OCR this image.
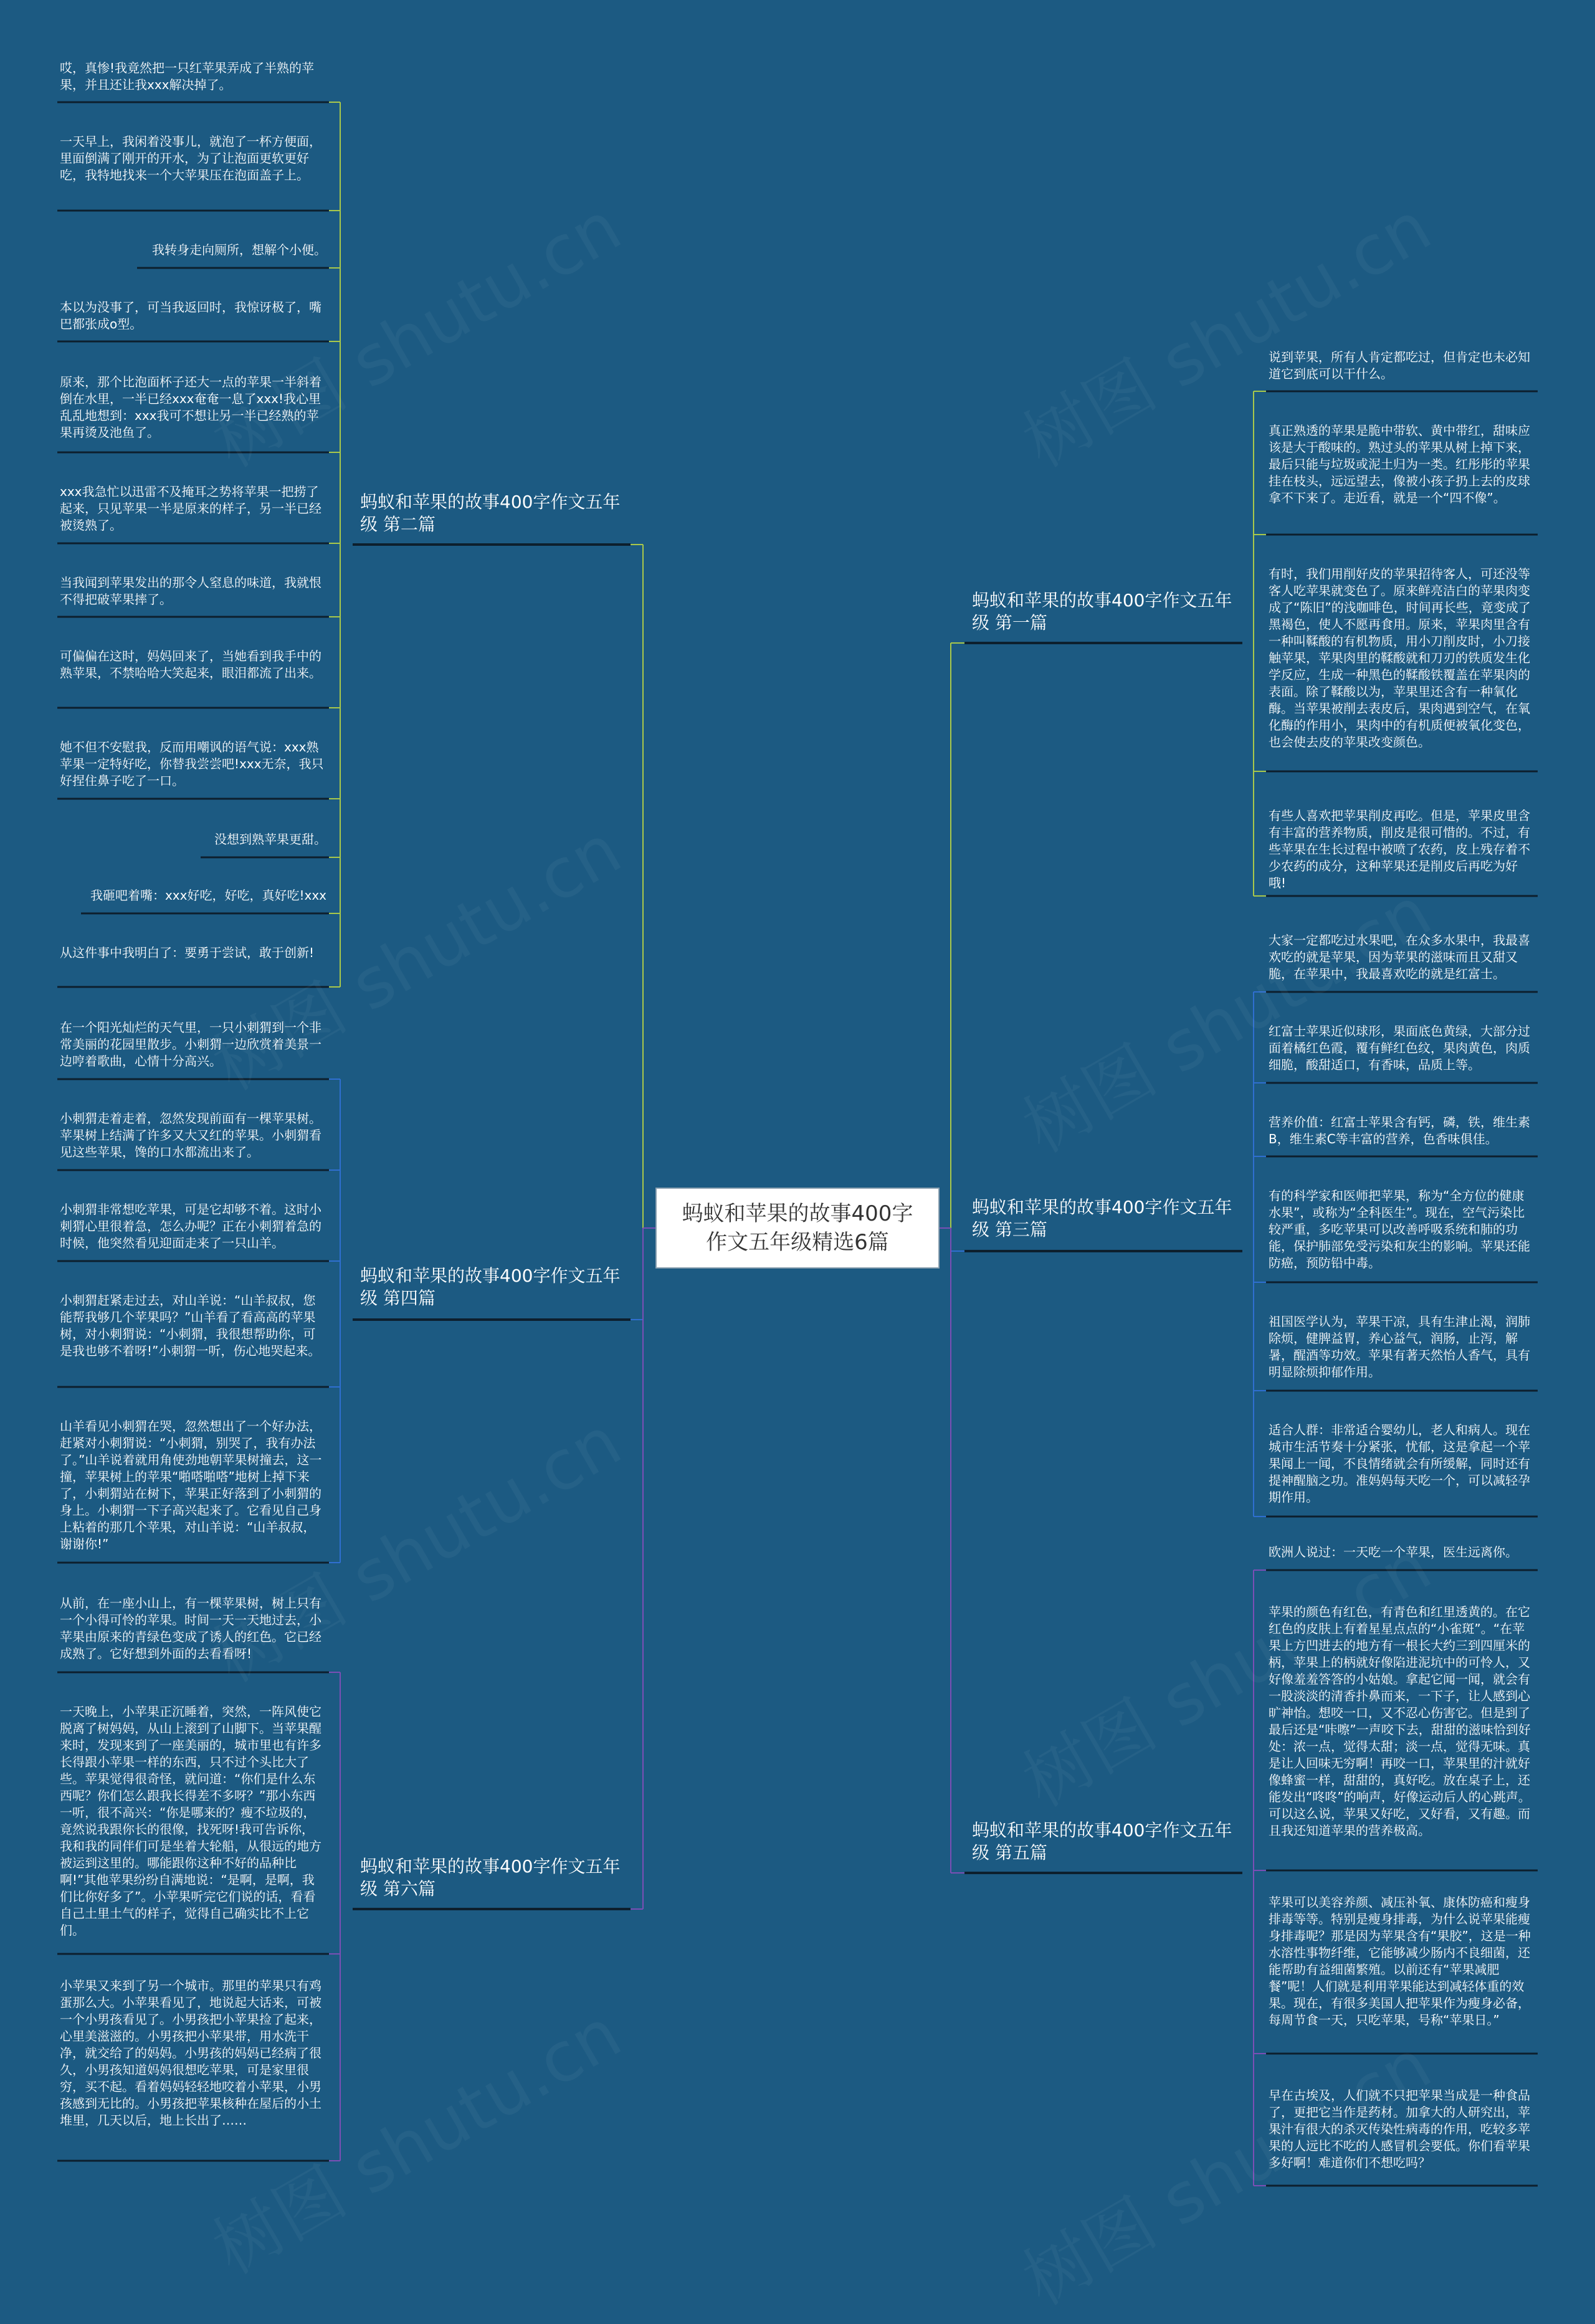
蚂蚁和苹果的故事400字作文五年级精选6篇
蚂蚁和苹果的故事400字作文五年级 第二篇
哎，真惨!我竟然把一只红苹果弄成了半熟的苹果，并且还让我xxx解决掉了。
一天早上，我闲着没事儿，就泡了一杯方便面，里面倒满了刚开的开水，为了让泡面更软更好吃，我特地找来一个大苹果压在泡面盖子上。
我转身走向厕所，想解个小便。
本以为没事了，可当我返回时，我惊讶极了，嘴巴都张成o型。
原来，那个比泡面杯子还大一点的苹果一半斜着倒在水里，一半已经xxx奄奄一息了xxx!我心里乱乱地想到：xxx我可不想让另一半已经熟的苹果再烫及池鱼了。
xxx我急忙以迅雷不及掩耳之势将苹果一把捞了起来，只见苹果一半是原来的样子，另一半已经被烫熟了。
当我闻到苹果发出的那令人窒息的味道，我就恨不得把破苹果摔了。
可偏偏在这时，妈妈回来了，当她看到我手中的熟苹果，不禁哈哈大笑起来，眼泪都流了出来。
她不但不安慰我，反而用嘲讽的语气说：xxx熟苹果一定特好吃，你替我尝尝吧!xxx无奈，我只好捏住鼻子吃了一口。
没想到熟苹果更甜。
我砸吧着嘴：xxx好吃，好吃，真好吃!xxx
从这件事中我明白了：要勇于尝试，敢于创新!
蚂蚁和苹果的故事400字作文五年级 第四篇
在一个阳光灿烂的天气里，一只小刺猬到一个非常美丽的花园里散步。小刺猬一边欣赏着美景一边哼着歌曲，心情十分高兴。
小刺猬走着走着，忽然发现前面有一棵苹果树。苹果树上结满了许多又大又红的苹果。小刺猬看见这些苹果，馋的口水都流出来了。
小刺猬非常想吃苹果，可是它却够不着。这时小刺猬心里很着急，怎么办呢？正在小刺猬着急的时候，他突然看见迎面走来了一只山羊。
小刺猬赶紧走过去，对山羊说：“山羊叔叔，您能帮我够几个苹果吗？”山羊看了看高高的苹果树，对小刺猬说：“小刺猬，我很想帮助你，可是我也够不着呀!”小刺猬一听，伤心地哭起来。
山羊看见小刺猬在哭，忽然想出了一个好办法，赶紧对小刺猬说：“小刺猬，别哭了，我有办法了。”山羊说着就用角使劲地朝苹果树撞去，这一撞，苹果树上的苹果“啪嗒啪嗒”地树上掉下来了，小刺猬站在树下，苹果正好落到了小刺猬的身上。小刺猬一下子高兴起来了。它看见自己身上粘着的那几个苹果，对山羊说：“山羊叔叔，谢谢你!”
蚂蚁和苹果的故事400字作文五年级 第六篇
从前，在一座小山上，有一棵苹果树，树上只有一个小得可怜的苹果。时间一天一天地过去，小苹果由原来的青绿色变成了诱人的红色。它已经成熟了。它好想到外面的去看看呀!
一天晚上，小苹果正沉睡着，突然，一阵风使它脱离了树妈妈，从山上滚到了山脚下。当苹果醒来时，发现来到了一座美丽的，城市里也有许多长得跟小苹果一样的东西，只不过个头比大了些。苹果觉得很奇怪，就问道：“你们是什么东西呢？你们怎么跟我长得差不多呀？”那小东西一听，很不高兴：“你是哪来的？瘦不垃圾的，竟然说我跟你长的很像，找死呀!我可告诉你，我和我的同伴们可是坐着大轮船，从很远的地方被运到这里的。哪能跟你这种不好的品种比啊!”其他苹果纷纷自满地说：“是啊，是啊，我们比你好多了”。小苹果听完它们说的话，看看自己土里土气的样子，觉得自己确实比不上它们。
小苹果又来到了另一个城市。那里的苹果只有鸡蛋那么大。小苹果看见了，地说起大话来，可被一个小男孩看见了。小男孩把小苹果捡了起来，心里美滋滋的。小男孩把小苹果带，用水洗干净，就交给了的妈妈。小男孩的妈妈已经病了很久，小男孩知道妈妈很想吃苹果，可是家里很穷，买不起。看着妈妈轻轻地咬着小苹果，小男孩感到无比的。小男孩把苹果核种在屋后的小土堆里，几天以后，地上长出了……
蚂蚁和苹果的故事400字作文五年级 第一篇
说到苹果，所有人肯定都吃过，但肯定也未必知道它到底可以干什么。
真正熟透的苹果是脆中带软、黄中带红，甜味应该是大于酸味的。熟过头的苹果从树上掉下来，最后只能与垃圾或泥土归为一类。红彤彤的苹果挂在枝头，远远望去，像被小孩子扔上去的皮球拿不下来了。走近看，就是一个“四不像”。
有时，我们用削好皮的苹果招待客人，可还没等客人吃苹果就变色了。原来鲜亮洁白的苹果肉变成了“陈旧”的浅咖啡色，时间再长些，竟变成了黑褐色，使人不愿再食用。原来，苹果肉里含有一种叫鞣酸的有机物质，用小刀削皮时，小刀接触苹果，苹果肉里的鞣酸就和刀刃的铁质发生化学反应，生成一种黑色的鞣酸铁覆盖在苹果肉的表面。除了鞣酸以为，苹果里还含有一种氧化酶。当苹果被削去表皮后，果肉遇到空气，在氧化酶的作用小，果肉中的有机质便被氧化变色，也会使去皮的苹果改变颜色。
有些人喜欢把苹果削皮再吃。但是，苹果皮里含有丰富的营养物质，削皮是很可惜的。不过，有些苹果在生长过程中被喷了农药，皮上残存着不少农药的成分，这种苹果还是削皮后再吃为好哦!
蚂蚁和苹果的故事400字作文五年级 第三篇
大家一定都吃过水果吧，在众多水果中，我最喜欢吃的就是苹果，因为苹果的滋味而且又甜又脆，在苹果中，我最喜欢吃的就是红富士。
红富士苹果近似球形，果面底色黄绿，大部分过面着橘红色霞，覆有鲜红色纹，果肉黄色，肉质细脆，酸甜适口，有香味，品质上等。
营养价值：红富士苹果含有钙，磷，铁，维生素B，维生素C等丰富的营养，色香味俱佳。
有的科学家和医师把苹果，称为“全方位的健康水果”，或称为“全科医生”。现在，空气污染比较严重，多吃苹果可以改善呼吸系统和肺的功能，保护肺部免受污染和灰尘的影响。苹果还能防癌，预防铅中毒。
祖国医学认为，苹果干凉，具有生津止渴，润肺除烦，健脾益胃，养心益气，润肠，止泻，解暑，醒酒等功效。苹果有著天然怡人香气，具有明显除烦抑郁作用。
适合人群：非常适合婴幼儿，老人和病人。现在城市生活节奏十分紧张，忧郁，这是拿起一个苹果闻上一闻，不良情绪就会有所缓解，同时还有提神醒脑之功。准妈妈每天吃一个，可以减轻孕期作用。
蚂蚁和苹果的故事400字作文五年级 第五篇
欧洲人说过：一天吃一个苹果，医生远离你。
苹果的颜色有红色，有青色和红里透黄的。在它红色的皮肤上有着星星点点的“小雀斑”。“在苹果上方凹进去的地方有一根长大约三到四厘米的柄，苹果上的柄就好像陷进泥坑中的可怜人，又好像羞羞答答的小姑娘。拿起它闻一闻，就会有一股淡淡的清香扑鼻而来，一下子，让人感到心旷神怡。想咬一口，又不忍心伤害它。但是到了最后还是“咔嚓”一声咬下去，甜甜的滋味恰到好处：浓一点，觉得太甜；淡一点，觉得无味。真是让人回味无穷啊！再咬一口，苹果里的汁就好像蜂蜜一样，甜甜的，真好吃。放在桌子上，还能发出“咚咚”的响声，好像运动后人的心跳声。可以这么说，苹果又好吃，又好看，又有趣。而且我还知道苹果的营养极高。
苹果可以美容养颜、减压补氧、康体防癌和瘦身排毒等等。特别是瘦身排毒，为什么说苹果能瘦身排毒呢？那是因为苹果含有“果胶”，这是一种水溶性事物纤维，它能够减少肠内不良细菌，还能帮助有益细菌繁殖。以前还有“苹果减肥餐”呢！人们就是利用苹果能达到减轻体重的效果。现在，有很多美国人把苹果作为瘦身必备，每周节食一天，只吃苹果，号称“苹果日。”
早在古埃及，人们就不只把苹果当成是一种食品了，更把它当作是药材。加拿大的人研究出，苹果汁有很大的杀灭传染性病毒的作用，吃较多苹果的人远比不吃的人感冒机会要低。你们看苹果多好啊！难道你们不想吃吗？
